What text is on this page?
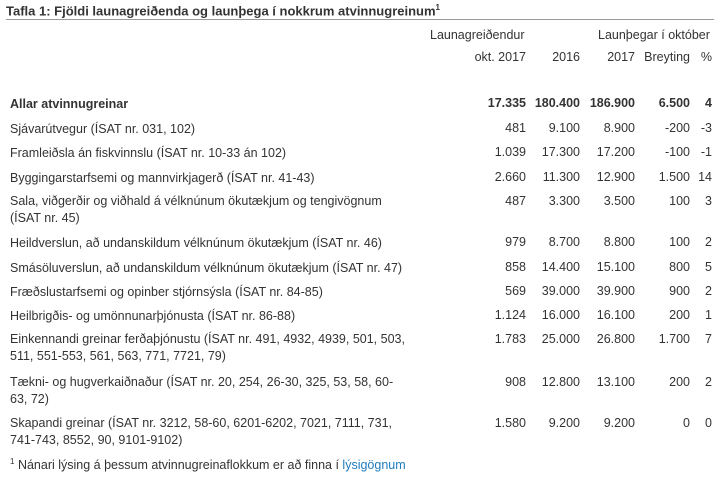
Tafla 1: Fjöldi launagreiðenda og launþega í nokkrum atvinnugreinum$^1$
Launagreiðendur	Launþegar í október
okt. 2017	2016	2017 Breyting %
Allar atvinnugreinar	17.335 180.400 186.900	6.500	4
Sjávarútvegur (ÍSAT nr. 031, 102)	481	9.100	8.900	-200 -3
Framleiðsla án fiskvinnslu (ÍSAT nr. 10-33 án 102)	1.039	17.300	17.200	-100 -1
Byggingarstarfsemi og mannvirkjagerð (ÍSAT nr. 41-43)	2.660	11.300	12.900	1.500 14
Sala, viðgerðir og viðhald á vélknúnum ökutækjum og tengivögnum (ÍSAT nr. 45)
487	3.300	3.500	100	3
Heildverslun, að undanskildum vélknúnum ökutækjum (ÍSAT nr. 46)	979	8.700	8.800	100	2
Smásöluverslun, að undanskildum vélknúnum ökutækjum (ÍSAT nr. 47)	858	14.400	15.100	800	5
Fræðslustarfsemi og opinber stjórnsýsla (ÍSAT nr. 84-85)	569	39.000	39.900	900	2
Heilbrigðis- og umönnunarþjónusta (ÍSAT nr. 86-88)	1.124	16.000	16.100	200	1
Einkennandi greinar ferðaþjónustu (ÍSAT nr. 491, 4932, 4939, 501, 503, 511, 551-553, 561, 563, 771, 7721, 79)
1.783	25.000	26.800	1.700	7
Tækni- og hugverkaiðnaður (ÍSAT nr. 20, 254, 26-30, 325, 53, 58, 60-63, 72)
908	12.800	13.100	200	2
Skapandi greinar (ÍSAT nr. 3212, 58-60, 6201-6202, 7021, 7111, 731, 741-743, 8552, 90, 9101-9102)
1.580	9.200	9.200	0	0
$^1$ Nánari lýsing á þessum atvinnugreinaflokkum er að finna í lýsigögnum
